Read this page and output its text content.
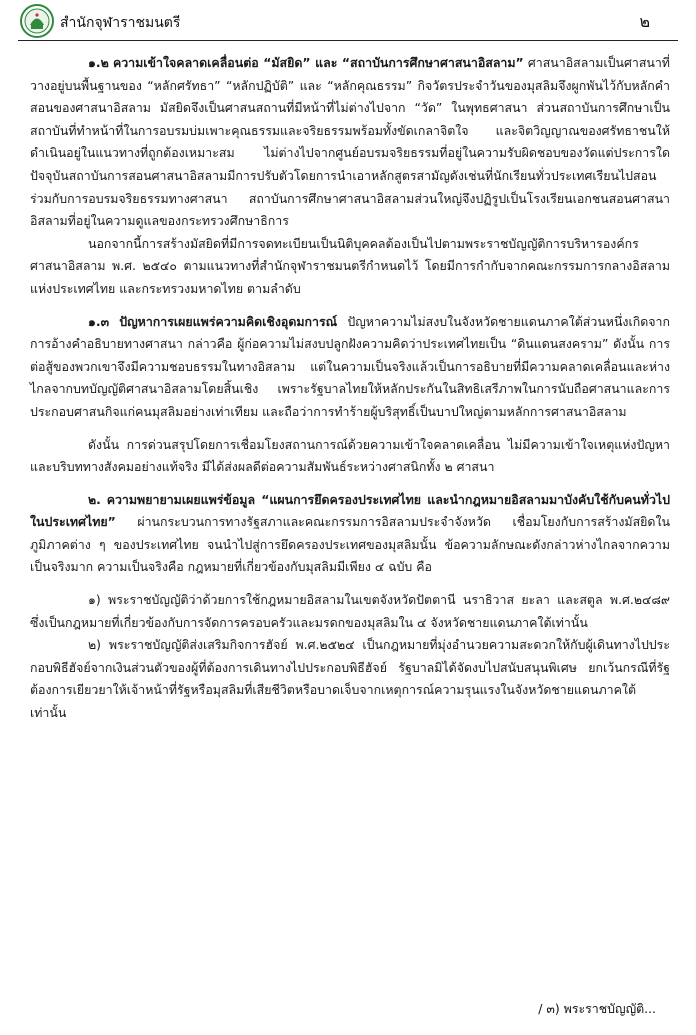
สำนักจุฬาราชมนตรี	๒

๑.๒ ความเข้าใจคลาดเคลื่อนต่อ “มัสยิด” และ “สถาบันการศึกษาศาสนาอิสลาม” ศาสนาอิสลามเป็นศาสนาที่วางอยู่บนพื้นฐานของ “หลักศรัทธา” “หลักปฏิบัติ” และ “หลักคุณธรรม” กิจวัตรประจำวันของมุสลิมจึงผูกพันไว้กับหลักคำสอนของศาสนาอิสลาม มัสยิดจึงเป็นศาสนสถานที่มีหน้าที่ไม่ต่างไปจาก “วัด” ในพุทธศาสนา ส่วนสถาบันการศึกษาเป็นสถาบันที่ทำหน้าที่ในการอบรมบ่มเพาะคุณธรรมและจริยธรรมพร้อมทั้งขัดเกลาจิตใจ และจิตวิญญาณของศรัทธาชนให้ดำเนินอยู่ในแนวทางที่ถูกต้องเหมาะสม ไม่ต่างไปจากศูนย์อบรมจริยธรรมที่อยู่ในความรับผิดชอบของวัดแต่ประการใด ปัจจุบันสถาบันการสอนศาสนาอิสลามมีการปรับตัวโดยการนำเอาหลักสูตรสามัญดังเช่นที่นักเรียนทั่วประเทศเรียนไปสอนร่วมกับการอบรมจริยธรรมทางศาสนา สถาบันการศึกษาศาสนาอิสลามส่วนใหญ่จึงปฏิรูปเป็นโรงเรียนเอกชนสอนศาสนาอิสลามที่อยู่ในความดูแลของกระทรวงศึกษาธิการ

นอกจากนี้การสร้างมัสยิดที่มีการจดทะเบียนเป็นนิติบุคคลต้องเป็นไปตามพระราชบัญญัติการบริหารองค์กรศาสนาอิสลาม พ.ศ. ๒๕๔๐ ตามแนวทางที่สำนักจุฬาราชมนตรีกำหนดไว้ โดยมีการกำกับจากคณะกรรมการกลางอิสลามแห่งประเทศไทย และกระทรวงมหาดไทย ตามลำดับ

๑.๓ ปัญหาการเผยแพร่ความคิดเชิงอุดมการณ์ ปัญหาความไม่สงบในจังหวัดชายแดนภาคใต้ส่วนหนึ่งเกิดจากการอ้างคำอธิบายทางศาสนา กล่าวคือ ผู้ก่อความไม่สงบปลูกฝังความคิดว่าประเทศไทยเป็น “ดินแดนสงคราม” ดังนั้น การต่อสู้ของพวกเขาจึงมีความชอบธรรมในทางอิสลาม แต่ในความเป็นจริงแล้วเป็นการอธิบายที่มีความคลาดเคลื่อนและห่างไกลจากบทบัญญัติศาสนาอิสลามโดยสิ้นเชิง เพราะรัฐบาลไทยให้หลักประกันในสิทธิเสรีภาพในการนับถือศาสนาและการประกอบศาสนกิจแก่คนมุสลิมอย่างเท่าเทียม และถือว่าการทำร้ายผู้บริสุทธิ์เป็นบาปใหญ่ตามหลักการศาสนาอิสลาม

ดังนั้น การด่วนสรุปโดยการเชื่อมโยงสถานการณ์ด้วยความเข้าใจคลาดเคลื่อน ไม่มีความเข้าใจเหตุแห่งปัญหาและบริบททางสังคมอย่างแท้จริง มีได้ส่งผลดีต่อความสัมพันธ์ระหว่างศาสนิกทั้ง ๒ ศาสนา

๒. ความพยายามเผยแพร่ข้อมูล “แผนการยึดครองประเทศไทย และนำกฎหมายอิสลามมาบังคับใช้กับคนทั่วไปในประเทศไทย” ผ่านกระบวนการทางรัฐสภาและคณะกรรมการอิสลามประจำจังหวัด เชื่อมโยงกับการสร้างมัสยิดในภูมิภาคต่าง ๆ ของประเทศไทย จนนำไปสู่การยึดครองประเทศของมุสลิมนั้น ข้อความลักษณะดังกล่าวห่างไกลจากความเป็นจริงมาก ความเป็นจริงคือ กฎหมายที่เกี่ยวข้องกับมุสลิมมีเพียง ๔ ฉบับ คือ

๑) พระราชบัญญัติว่าด้วยการใช้กฎหมายอิสลามในเขตจังหวัดปัตตานี นราธิวาส ยะลา และสตูล พ.ศ.๒๔๘๙ ซึ่งเป็นกฎหมายที่เกี่ยวข้องกับการจัดการครอบครัวและมรดกของมุสลิมใน ๔ จังหวัดชายแดนภาคใต้เท่านั้น

๒) พระราชบัญญัติส่งเสริมกิจการฮัจย์ พ.ศ.๒๕๒๔ เป็นกฎหมายที่มุ่งอำนวยความสะดวกให้กับผู้เดินทางไปประกอบพิธีฮัจย์จากเงินส่วนตัวของผู้ที่ต้องการเดินทางไปประกอบพิธีฮัจย์ รัฐบาลมิได้จัดงบไปสนับสนุนพิเศษ ยกเว้นกรณีที่รัฐต้องการเยียวยาให้เจ้าหน้าที่รัฐหรือมุสลิมที่เสียชีวิตหรือบาดเจ็บจากเหตุการณ์ความรุนแรงในจังหวัดชายแดนภาคใต้เท่านั้น

/ ๓) พระราชบัญญัติ...
